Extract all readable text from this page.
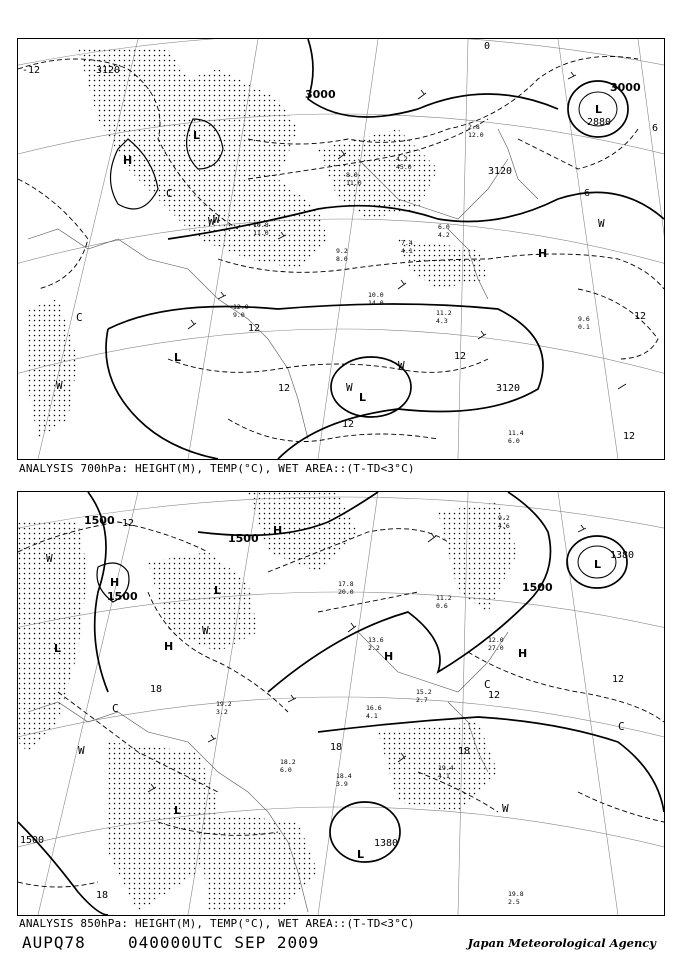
3000
3120
2880
3000
3120
3120
-12
0
-6
6
12
12
12
12
12
12
H
L
H
L
L
L
W
W
W
C
C
W	W
W
8.0
11.0
4.2
45.0
10.8
11.0
12.0
9.0
10.0
14.0
11.2
4.3	9.6
0.1
11.4
6.0
6.0
4.2
7.4
4.1
9.2
8.0
2.8
12.0
ANALYSIS 700hPa: HEIGHT(M), TEMP(°C), WET AREA::(T-TD<3°C)
1500
1500
1500
1500
1380
1380
1500
12
12
12
18
18	18
18
H
H
H
H	H
L
L
L
L
L
W
W
W
W
C
C
C
17.8
20.0
13.6
2.2
16.6
4.1
19.2
3.2
18.4
3.9
19.8
2.5
12.0
27.0
11.2
0.6
15.2
2.7
19.4
4.1
18.2
6.0
9.2
4.6
ANALYSIS 850hPa: HEIGHT(M), TEMP(°C), WET AREA::(T-TD<3°C)
AUPQ78	040000UTC SEP 2009	Japan Meteorological Agency
